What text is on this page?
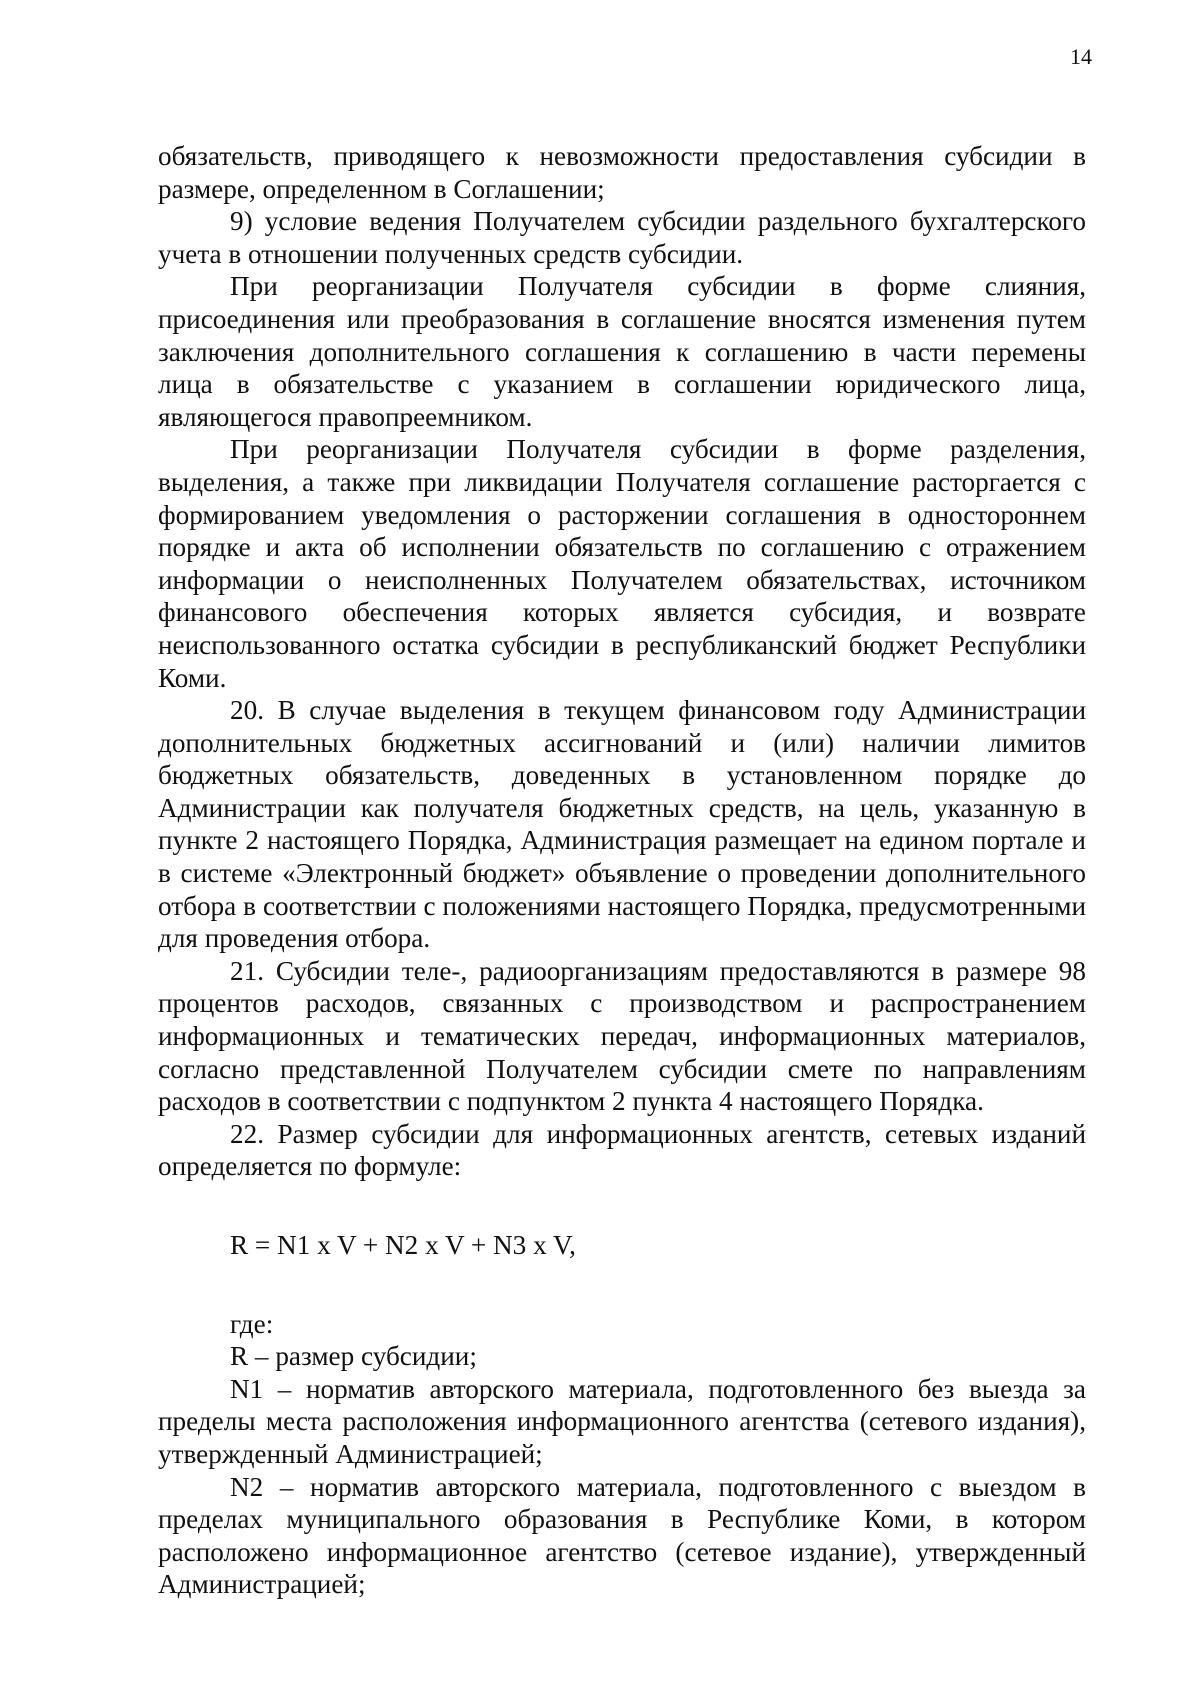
14

обязательств, приводящего к невозможности предоставления субсидии в размере, определенном в Соглашении;

9) условие ведения Получателем субсидии раздельного бухгалтерского учета в отношении полученных средств субсидии.

При реорганизации Получателя субсидии в форме слияния, присоединения или преобразования в соглашение вносятся изменения путем заключения дополнительного соглашения к соглашению в части перемены лица в обязательстве с указанием в соглашении юридического лица, являющегося правопреемником.

При реорганизации Получателя субсидии в форме разделения, выделения, а также при ликвидации Получателя соглашение расторгается с формированием уведомления о расторжении соглашения в одностороннем порядке и акта об исполнении обязательств по соглашению с отражением информации о неисполненных Получателем обязательствах, источником финансового обеспечения которых является субсидия, и возврате неиспользованного остатка субсидии в республиканский бюджет Республики Коми.

20. В случае выделения в текущем финансовом году Администрации дополнительных бюджетных ассигнований и (или) наличии лимитов бюджетных обязательств, доведенных в установленном порядке до Администрации как получателя бюджетных средств, на цель, указанную в пункте 2 настоящего Порядка, Администрация размещает на едином портале и в системе «Электронный бюджет» объявление о проведении дополнительного отбора в соответствии с положениями настоящего Порядка, предусмотренными для проведения отбора.

21. Субсидии теле-, радиоорганизациям предоставляются в размере 98 процентов расходов, связанных с производством и распространением информационных и тематических передач, информационных материалов, согласно представленной Получателем субсидии смете по направлениям расходов в соответствии с подпунктом 2 пункта 4 настоящего Порядка.

22. Размер субсидии для информационных агентств, сетевых изданий определяется по формуле:

R = N1 x V + N2 x V + N3 x V,

где:

R – размер субсидии;

N1 – норматив авторского материала, подготовленного без выезда за пределы места расположения информационного агентства (сетевого издания), утвержденный Администрацией;

N2 – норматив авторского материала, подготовленного с выездом в пределах муниципального образования в Республике Коми, в котором расположено информационное агентство (сетевое издание), утвержденный Администрацией;
